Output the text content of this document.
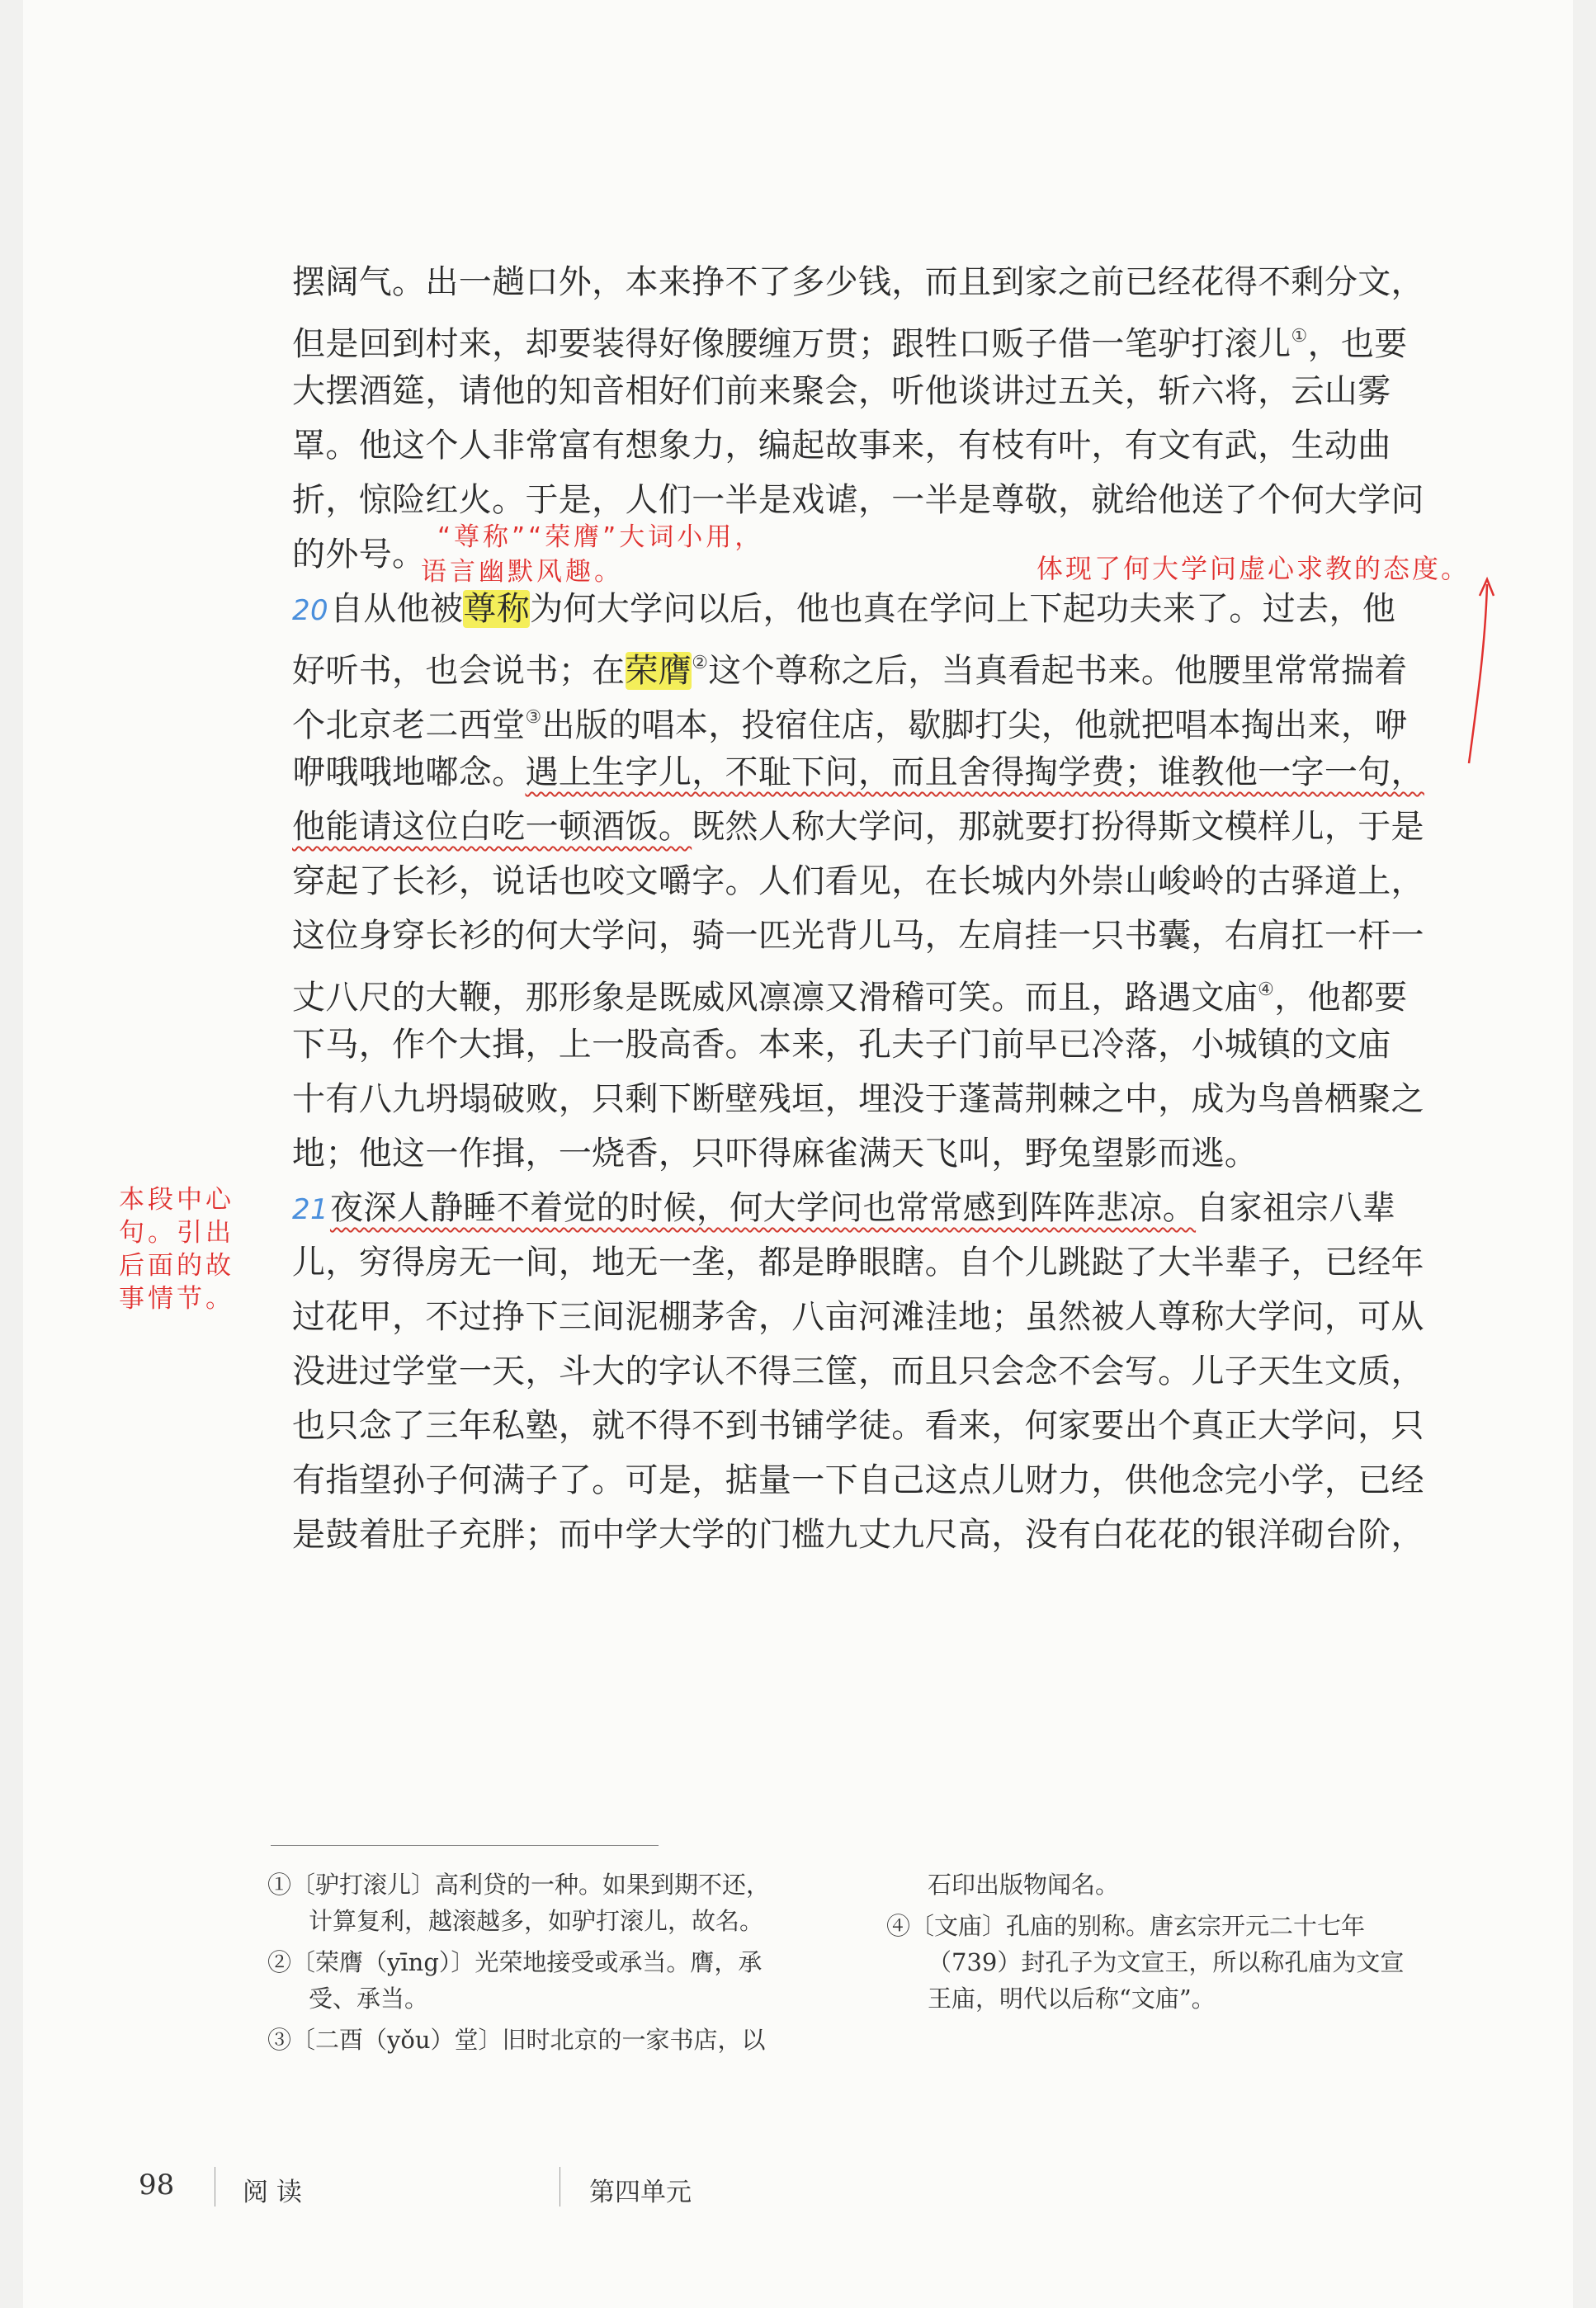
摆阔气。出一趟口外，本来挣不了多少钱，而且到家之前已经花得不剩分文，

但是回到村来，却要装得好像腰缠万贯；跟牲口贩子借一笔驴打滚儿①，也要

大摆酒筵，请他的知音相好们前来聚会，听他谈讲过五关，斩六将，云山雾

罩。他这个人非常富有想象力，编起故事来，有枝有叶，有文有武，生动曲

折，惊险红火。于是，人们一半是戏谑，一半是尊敬，就给他送了个何大学问

的外号。 “尊称”“荣膺”大词小用，

语言幽默风趣。	体现了何大学问虚心求教的态度。

20自从他被尊称为何大学问以后，他也真在学问上下起功夫来了。过去，他

好听书，也会说书；在荣膺②这个尊称之后，当真看起书来。他腰里常常揣着

个北京老二西堂③出版的唱本，投宿住店，歇脚打尖，他就把唱本掏出来，咿

咿哦哦地嘟念。遇上生字儿，不耻下问，而且舍得掏学费；谁教他一字一句，

他能请这位白吃一顿酒饭。既然人称大学问，那就要打扮得斯文模样儿，于是

穿起了长衫，说话也咬文嚼字。人们看见，在长城内外崇山峻岭的古驿道上，

这位身穿长衫的何大学问，骑一匹光背儿马，左肩挂一只书囊，右肩扛一杆一

丈八尺的大鞭，那形象是既威风凛凛又滑稽可笑。而且，路遇文庙④，他都要

下马，作个大揖，上一股高香。本来，孔夫子门前早已冷落，小城镇的文庙

十有八九坍塌破败，只剩下断壁残垣，埋没于蓬蒿荆棘之中，成为鸟兽栖聚之

地；他这一作揖，一烧香，只吓得麻雀满天飞叫，野兔望影而逃。

21夜深人静睡不着觉的时候，何大学问也常常感到阵阵悲凉。自家祖宗八辈

儿，穷得房无一间，地无一垄，都是睁眼瞎。自个儿跳跶了大半辈子，已经年

过花甲，不过挣下三间泥棚茅舍，八亩河滩洼地；虽然被人尊称大学问，可从

没进过学堂一天，斗大的字认不得三筐，而且只会念不会写。儿子天生文质，

也只念了三年私塾，就不得不到书铺学徒。看来，何家要出个真正大学问，只

有指望孙子何满子了。可是，掂量一下自己这点儿财力，供他念完小学，已经

是鼓着肚子充胖；而中学大学的门槛九丈九尺高，没有白花花的银洋砌台阶，

本段中心

句。引出

后面的故

事情节。

①〔驴打滚儿〕高利贷的一种。如果到期不还，

计算复利，越滚越多，如驴打滚儿，故名。

②〔荣膺（yīng）〕光荣地接受或承当。膺，承

受、承当。

③〔二酉（yǒu）堂〕旧时北京的一家书店，以

石印出版物闻名。

④〔文庙〕孔庙的别称。唐玄宗开元二十七年

（739）封孔子为文宣王，所以称孔庙为文宣

王庙，明代以后称“文庙”。

98	阅 读	第四单元
